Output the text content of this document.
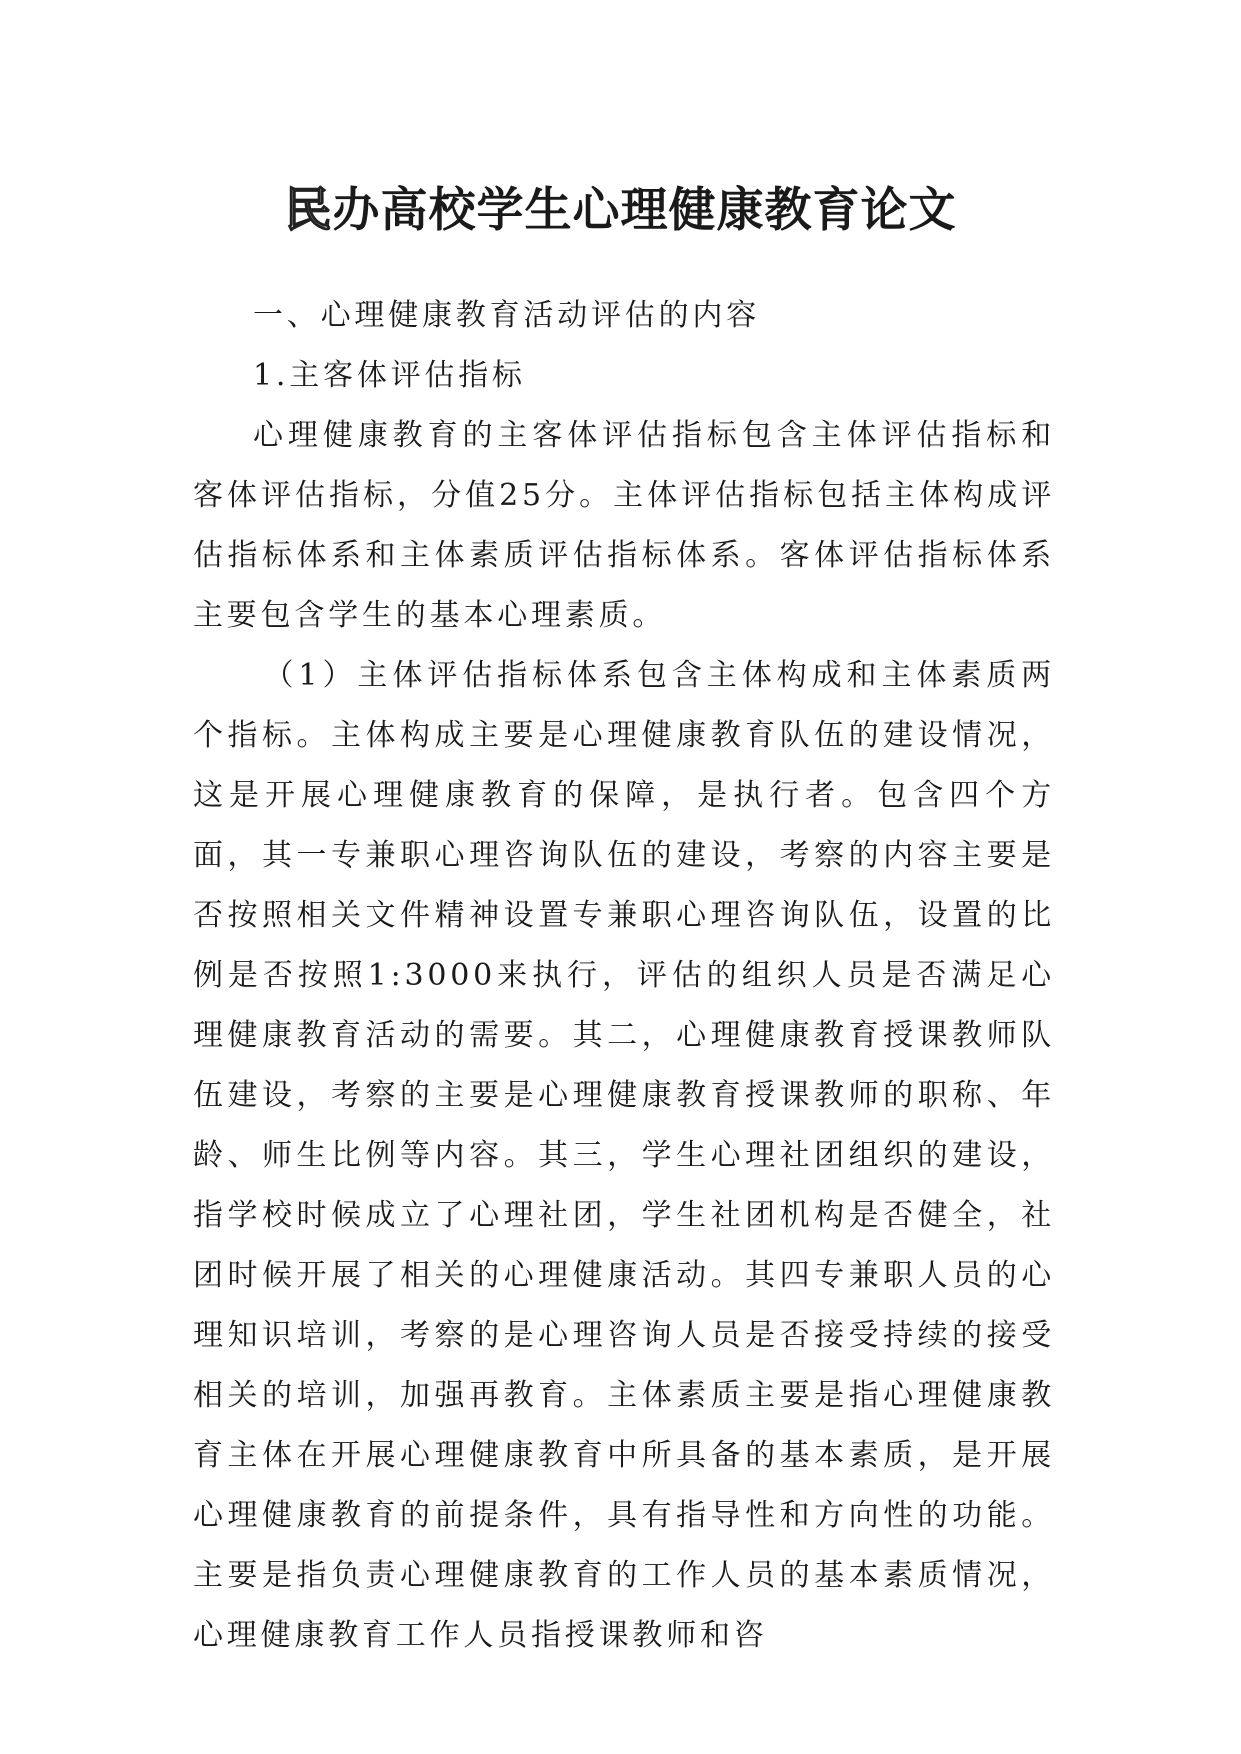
民办高校学生心理健康教育论文

一、心理健康教育活动评估的内容

1.主客体评估指标

心理健康教育的主客体评估指标包含主体评估指标和客体评估指标，分值25分。主体评估指标包括主体构成评估指标体系和主体素质评估指标体系。客体评估指标体系主要包含学生的基本心理素质。

（1）主体评估指标体系包含主体构成和主体素质两个指标。主体构成主要是心理健康教育队伍的建设情况，这是开展心理健康教育的保障，是执行者。包含四个方面，其一专兼职心理咨询队伍的建设，考察的内容主要是否按照相关文件精神设置专兼职心理咨询队伍，设置的比例是否按照1:3000来执行，评估的组织人员是否满足心理健康教育活动的需要。其二，心理健康教育授课教师队伍建设，考察的主要是心理健康教育授课教师的职称、年龄、师生比例等内容。其三，学生心理社团组织的建设，指学校时候成立了心理社团，学生社团机构是否健全，社团时候开展了相关的心理健康活动。其四专兼职人员的心理知识培训，考察的是心理咨询人员是否接受持续的接受相关的培训，加强再教育。主体素质主要是指心理健康教育主体在开展心理健康教育中所具备的基本素质，是开展心理健康教育的前提条件，具有指导性和方向性的功能。主要是指负责心理健康教育的工作人员的基本素质情况，心理健康教育工作人员指授课教师和咨
